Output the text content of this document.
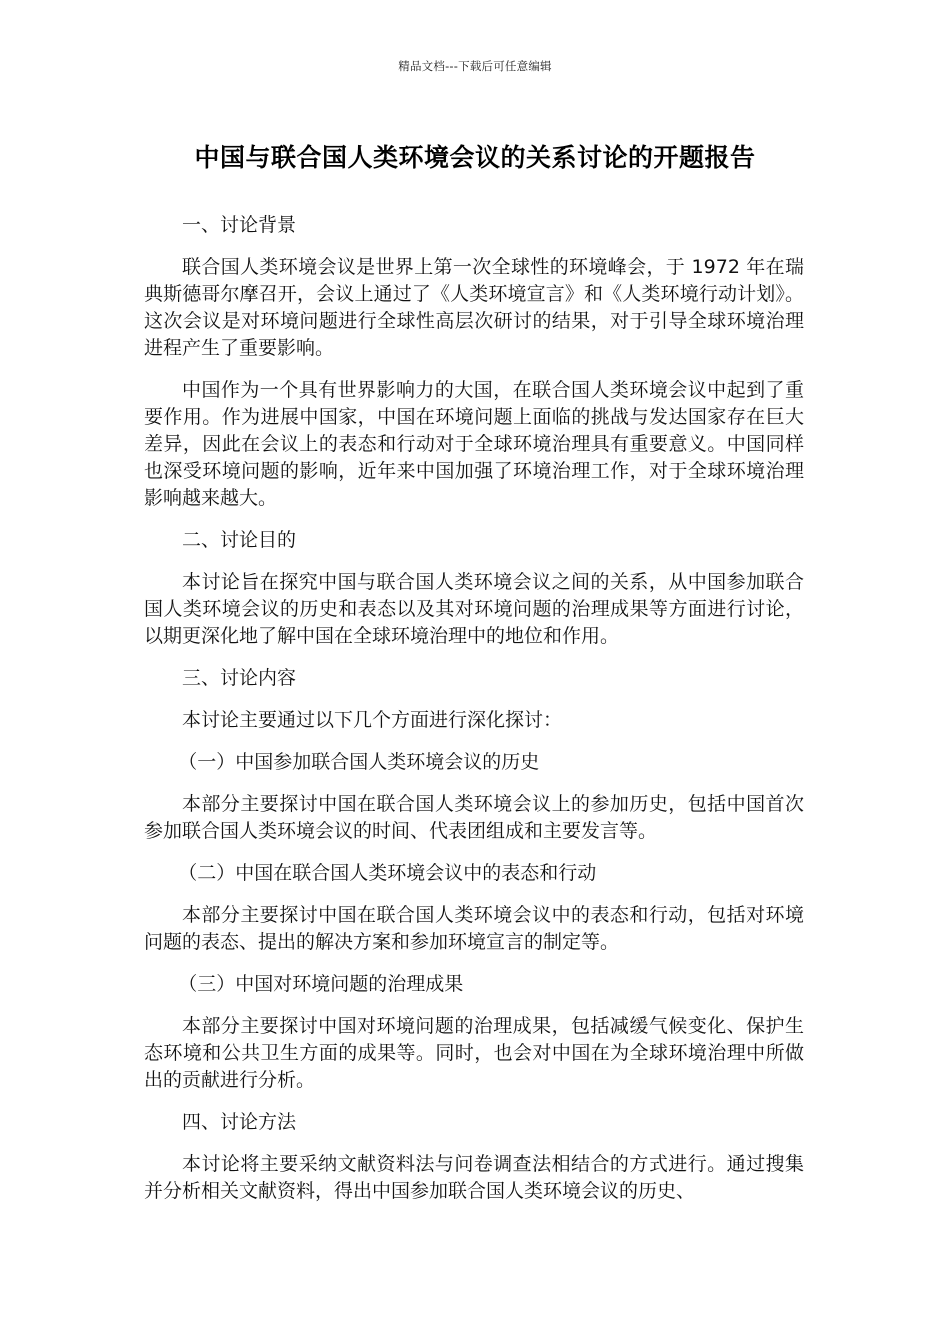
精品文档---下载后可任意编辑
中国与联合国人类环境会议的关系讨论的开题报告
一、讨论背景

联合国人类环境会议是世界上第一次全球性的环境峰会，于 1972 年在瑞典斯德哥尔摩召开，会议上通过了《人类环境宣言》和《人类环境行动计划》。这次会议是对环境问题进行全球性高层次研讨的结果，对于引导全球环境治理进程产生了重要影响。

中国作为一个具有世界影响力的大国，在联合国人类环境会议中起到了重要作用。作为进展中国家，中国在环境问题上面临的挑战与发达国家存在巨大差异，因此在会议上的表态和行动对于全球环境治理具有重要意义。中国同样也深受环境问题的影响，近年来中国加强了环境治理工作，对于全球环境治理影响越来越大。

二、讨论目的

本讨论旨在探究中国与联合国人类环境会议之间的关系，从中国参加联合国人类环境会议的历史和表态以及其对环境问题的治理成果等方面进行讨论，以期更深化地了解中国在全球环境治理中的地位和作用。

三、讨论内容

本讨论主要通过以下几个方面进行深化探讨：

（一）中国参加联合国人类环境会议的历史

本部分主要探讨中国在联合国人类环境会议上的参加历史，包括中国首次参加联合国人类环境会议的时间、代表团组成和主要发言等。

（二）中国在联合国人类环境会议中的表态和行动

本部分主要探讨中国在联合国人类环境会议中的表态和行动，包括对环境问题的表态、提出的解决方案和参加环境宣言的制定等。

（三）中国对环境问题的治理成果

本部分主要探讨中国对环境问题的治理成果，包括减缓气候变化、保护生态环境和公共卫生方面的成果等。同时，也会对中国在为全球环境治理中所做出的贡献进行分析。

四、讨论方法

本讨论将主要采纳文献资料法与问卷调查法相结合的方式进行。通过搜集并分析相关文献资料，得出中国参加联合国人类环境会议的历史、
